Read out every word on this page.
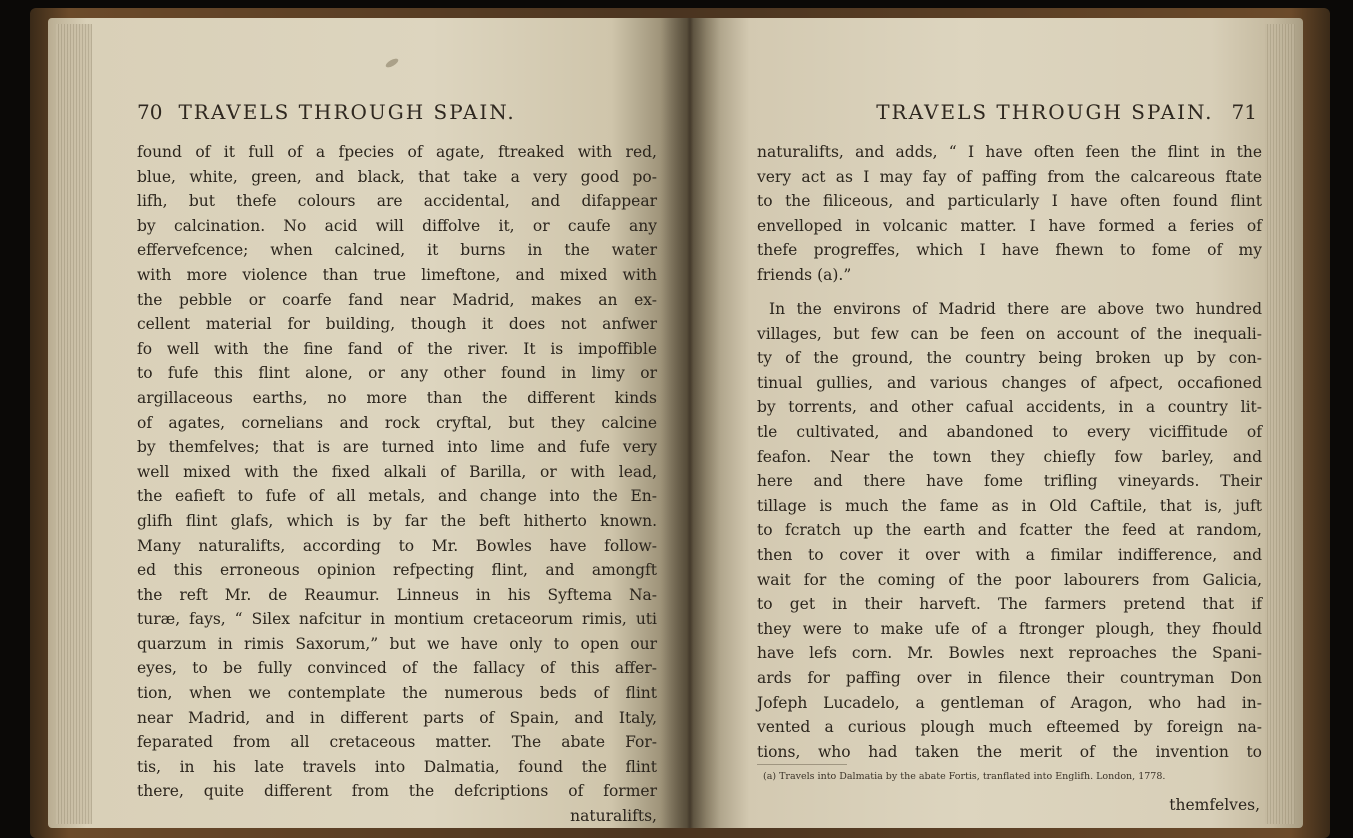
70 TRAVELS THROUGH SPAIN.	TRAVELS THROUGH SPAIN. 71
found of it full of a fpecies of agate, ftreaked with red,
blue, white, green, and black, that take a very good po-
lifh, but thefe colours are accidental, and difappear
by calcination. No acid will diffolve it, or caufe any
effervefcence; when calcined, it burns in the water
with more violence than true limeftone, and mixed with
the pebble or coarfe fand near Madrid, makes an ex-
cellent material for building, though it does not anfwer
fo well with the fine fand of the river. It is impoffible
to fufe this flint alone, or any other found in limy or
argillaceous earths, no more than the different kinds
of agates, cornelians and rock cryftal, but they calcine
by themfelves; that is are turned into lime and fufe very
well mixed with the fixed alkali of Barilla, or with lead,
the eafieft to fufe of all metals, and change into the En-
glifh flint glafs, which is by far the beft hitherto known.
Many naturalifts, according to Mr. Bowles have follow-
ed this erroneous opinion refpecting flint, and amongft
the reft Mr. de Reaumur. Linneus in his Syftema Na-
turæ, fays, “ Silex nafcitur in montium cretaceorum rimis, uti
quarzum in rimis Saxorum,” but we have only to open our
eyes, to be fully convinced of the fallacy of this affer-
tion, when we contemplate the numerous beds of flint
near Madrid, and in different parts of Spain, and Italy,
feparated from all cretaceous matter. The abate For-
tis, in his late travels into Dalmatia, found the flint
there, quite different from the defcriptions of former
naturalifts,
naturalifts, and adds, “ I have often feen the flint in the
very act as I may fay of paffing from the calcareous ftate
to the filiceous, and particularly I have often found flint
envelloped in volcanic matter. I have formed a feries of
thefe progreffes, which I have fhewn to fome of my
friends (a).”
In the environs of Madrid there are above two hundred
villages, but few can be feen on account of the inequali-
ty of the ground, the country being broken up by con-
tinual gullies, and various changes of afpect, occafioned
by torrents, and other cafual accidents, in a country lit-
tle cultivated, and abandoned to every viciffitude of
feafon. Near the town they chiefly fow barley, and
here and there have fome trifling vineyards. Their
tillage is much the fame as in Old Caftile, that is, juft
to fcratch up the earth and fcatter the feed at random,
then to cover it over with a fimilar indifference, and
wait for the coming of the poor labourers from Galicia,
to get in their harveft. The farmers pretend that if
they were to make ufe of a ftronger plough, they fhould
have lefs corn. Mr. Bowles next reproaches the Spani-
ards for paffing over in filence their countryman Don
Jofeph Lucadelo, a gentleman of Aragon, who had in-
vented a curious plough much efteemed by foreign na-
tions, who had taken the merit of the invention to
(a) Travels into Dalmatia by the abate Fortis, tranflated into Englifh. London, 1778.
themfelves,
